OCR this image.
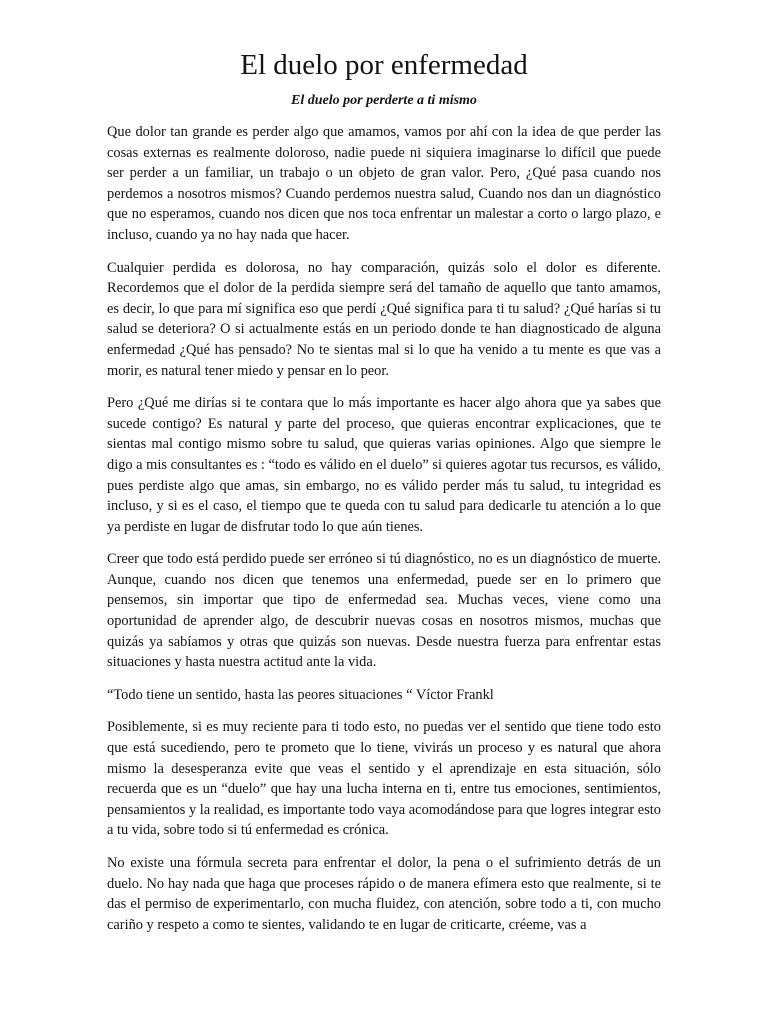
El duelo por enfermedad

El duelo por perderte a ti mismo

Que dolor tan grande es perder algo que amamos, vamos por ahí con la idea de que perder las cosas externas es realmente doloroso, nadie puede ni siquiera imaginarse lo difícil que puede ser perder a un familiar, un trabajo o un objeto de gran valor. Pero, ¿Qué pasa cuando nos perdemos a nosotros mismos? Cuando perdemos nuestra salud, Cuando nos dan un diagnóstico que no esperamos, cuando nos dicen que nos toca enfrentar un malestar a corto o largo plazo, e incluso, cuando ya no hay nada que hacer.

Cualquier perdida es dolorosa, no hay comparación, quizás solo el dolor es diferente. Recordemos que el dolor de la perdida siempre será del tamaño de aquello que tanto amamos, es decir, lo que para mí significa eso que perdí ¿Qué significa para ti tu salud? ¿Qué harías si tu salud se deteriora? O si actualmente estás en un periodo donde te han diagnosticado de alguna enfermedad ¿Qué has pensado? No te sientas mal si lo que ha venido a tu mente es que vas a morir, es natural tener miedo y pensar en lo peor.

Pero ¿Qué me dirías si te contara que lo más importante es hacer algo ahora que ya sabes que sucede contigo? Es natural y parte del proceso, que quieras encontrar explicaciones, que te sientas mal contigo mismo sobre tu salud, que quieras varias opiniones. Algo que siempre le digo a mis consultantes es : “todo es válido en el duelo” si quieres agotar tus recursos, es válido, pues perdiste algo que amas, sin embargo, no es válido perder más tu salud, tu integridad es incluso, y si es el caso, el tiempo que te queda con tu salud para dedicarle tu atención a lo que ya perdiste en lugar de disfrutar todo lo que aún tienes.

Creer que todo está perdido puede ser erróneo si tú diagnóstico, no es un diagnóstico de muerte. Aunque, cuando nos dicen que tenemos una enfermedad, puede ser en lo primero que pensemos, sin importar que tipo de enfermedad sea. Muchas veces, viene como una oportunidad de aprender algo, de descubrir nuevas cosas en nosotros mismos, muchas que quizás ya sabíamos y otras que quizás son nuevas. Desde nuestra fuerza para enfrentar estas situaciones y hasta nuestra actitud ante la vida.

“Todo tiene un sentido, hasta las peores situaciones “ Víctor Frankl

Posiblemente, si es muy reciente para ti todo esto, no puedas ver el sentido que tiene todo esto que está sucediendo, pero te prometo que lo tiene, vivirás un proceso y es natural que ahora mismo la desesperanza evite que veas el sentido y el aprendizaje en esta situación, sólo recuerda que es un “duelo” que hay una lucha interna en ti, entre tus emociones, sentimientos, pensamientos y la realidad, es importante todo vaya acomodándose para que logres integrar esto a tu vida, sobre todo si tú enfermedad es crónica.

No existe una fórmula secreta para enfrentar el dolor, la pena o el sufrimiento detrás de un duelo. No hay nada que haga que proceses rápido o de manera efímera esto que realmente, si te das el permiso de experimentarlo, con mucha fluidez, con atención, sobre todo a ti, con mucho cariño y respeto a como te sientes, validando te en lugar de criticarte, créeme, vas a
